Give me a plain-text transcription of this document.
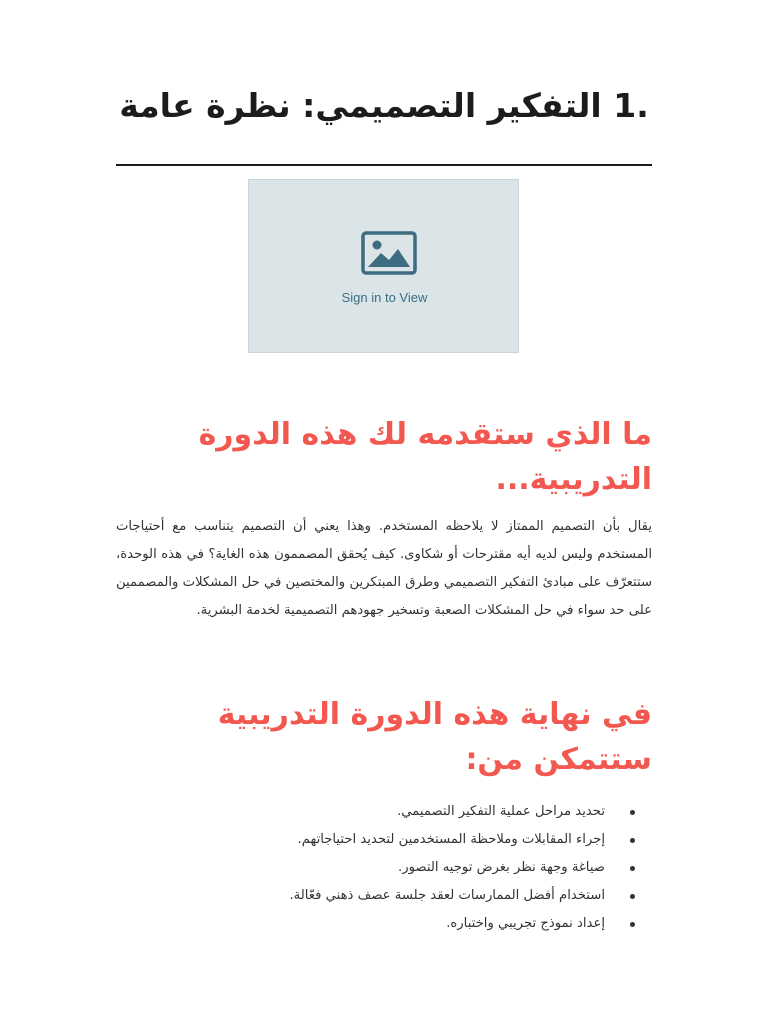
.1 التفكير التصميمي: نظرة عامة
Sign in to View
ما الذي ستقدمه لك هذه الدورة التدريبية...

يقال بأن التصميم الممتاز لا يلاحظه المستخدم. وهذا يعني أن التصميم يتناسب مع أحتياجات المستخدم وليس لديه أيه مقترحات أو شكاوى. كيف يُحقق المصممون هذه الغاية؟ في هذه الوحدة، ستتعرّف على مبادئ التفكير التصميمي وطرق المبتكرين والمختصين في حل المشكلات والمصممين على حد سواء في حل المشكلات الصعبة وتسخير جهودهم التصميمية لخدمة البشرية.

في نهاية هذه الدورة التدريبية ستتمكن من:
تحديد مراحل عملية التفكير التصميمي.
إجراء المقابلات وملاحظة المستخدمين لتحديد احتياجاتهم.
صياغة وجهة نظر بغرض توجيه التصور.
استخدام أفضل الممارسات لعقد جلسة عصف ذهني فعّالة.
إعداد نموذج تجريبي واختباره.
